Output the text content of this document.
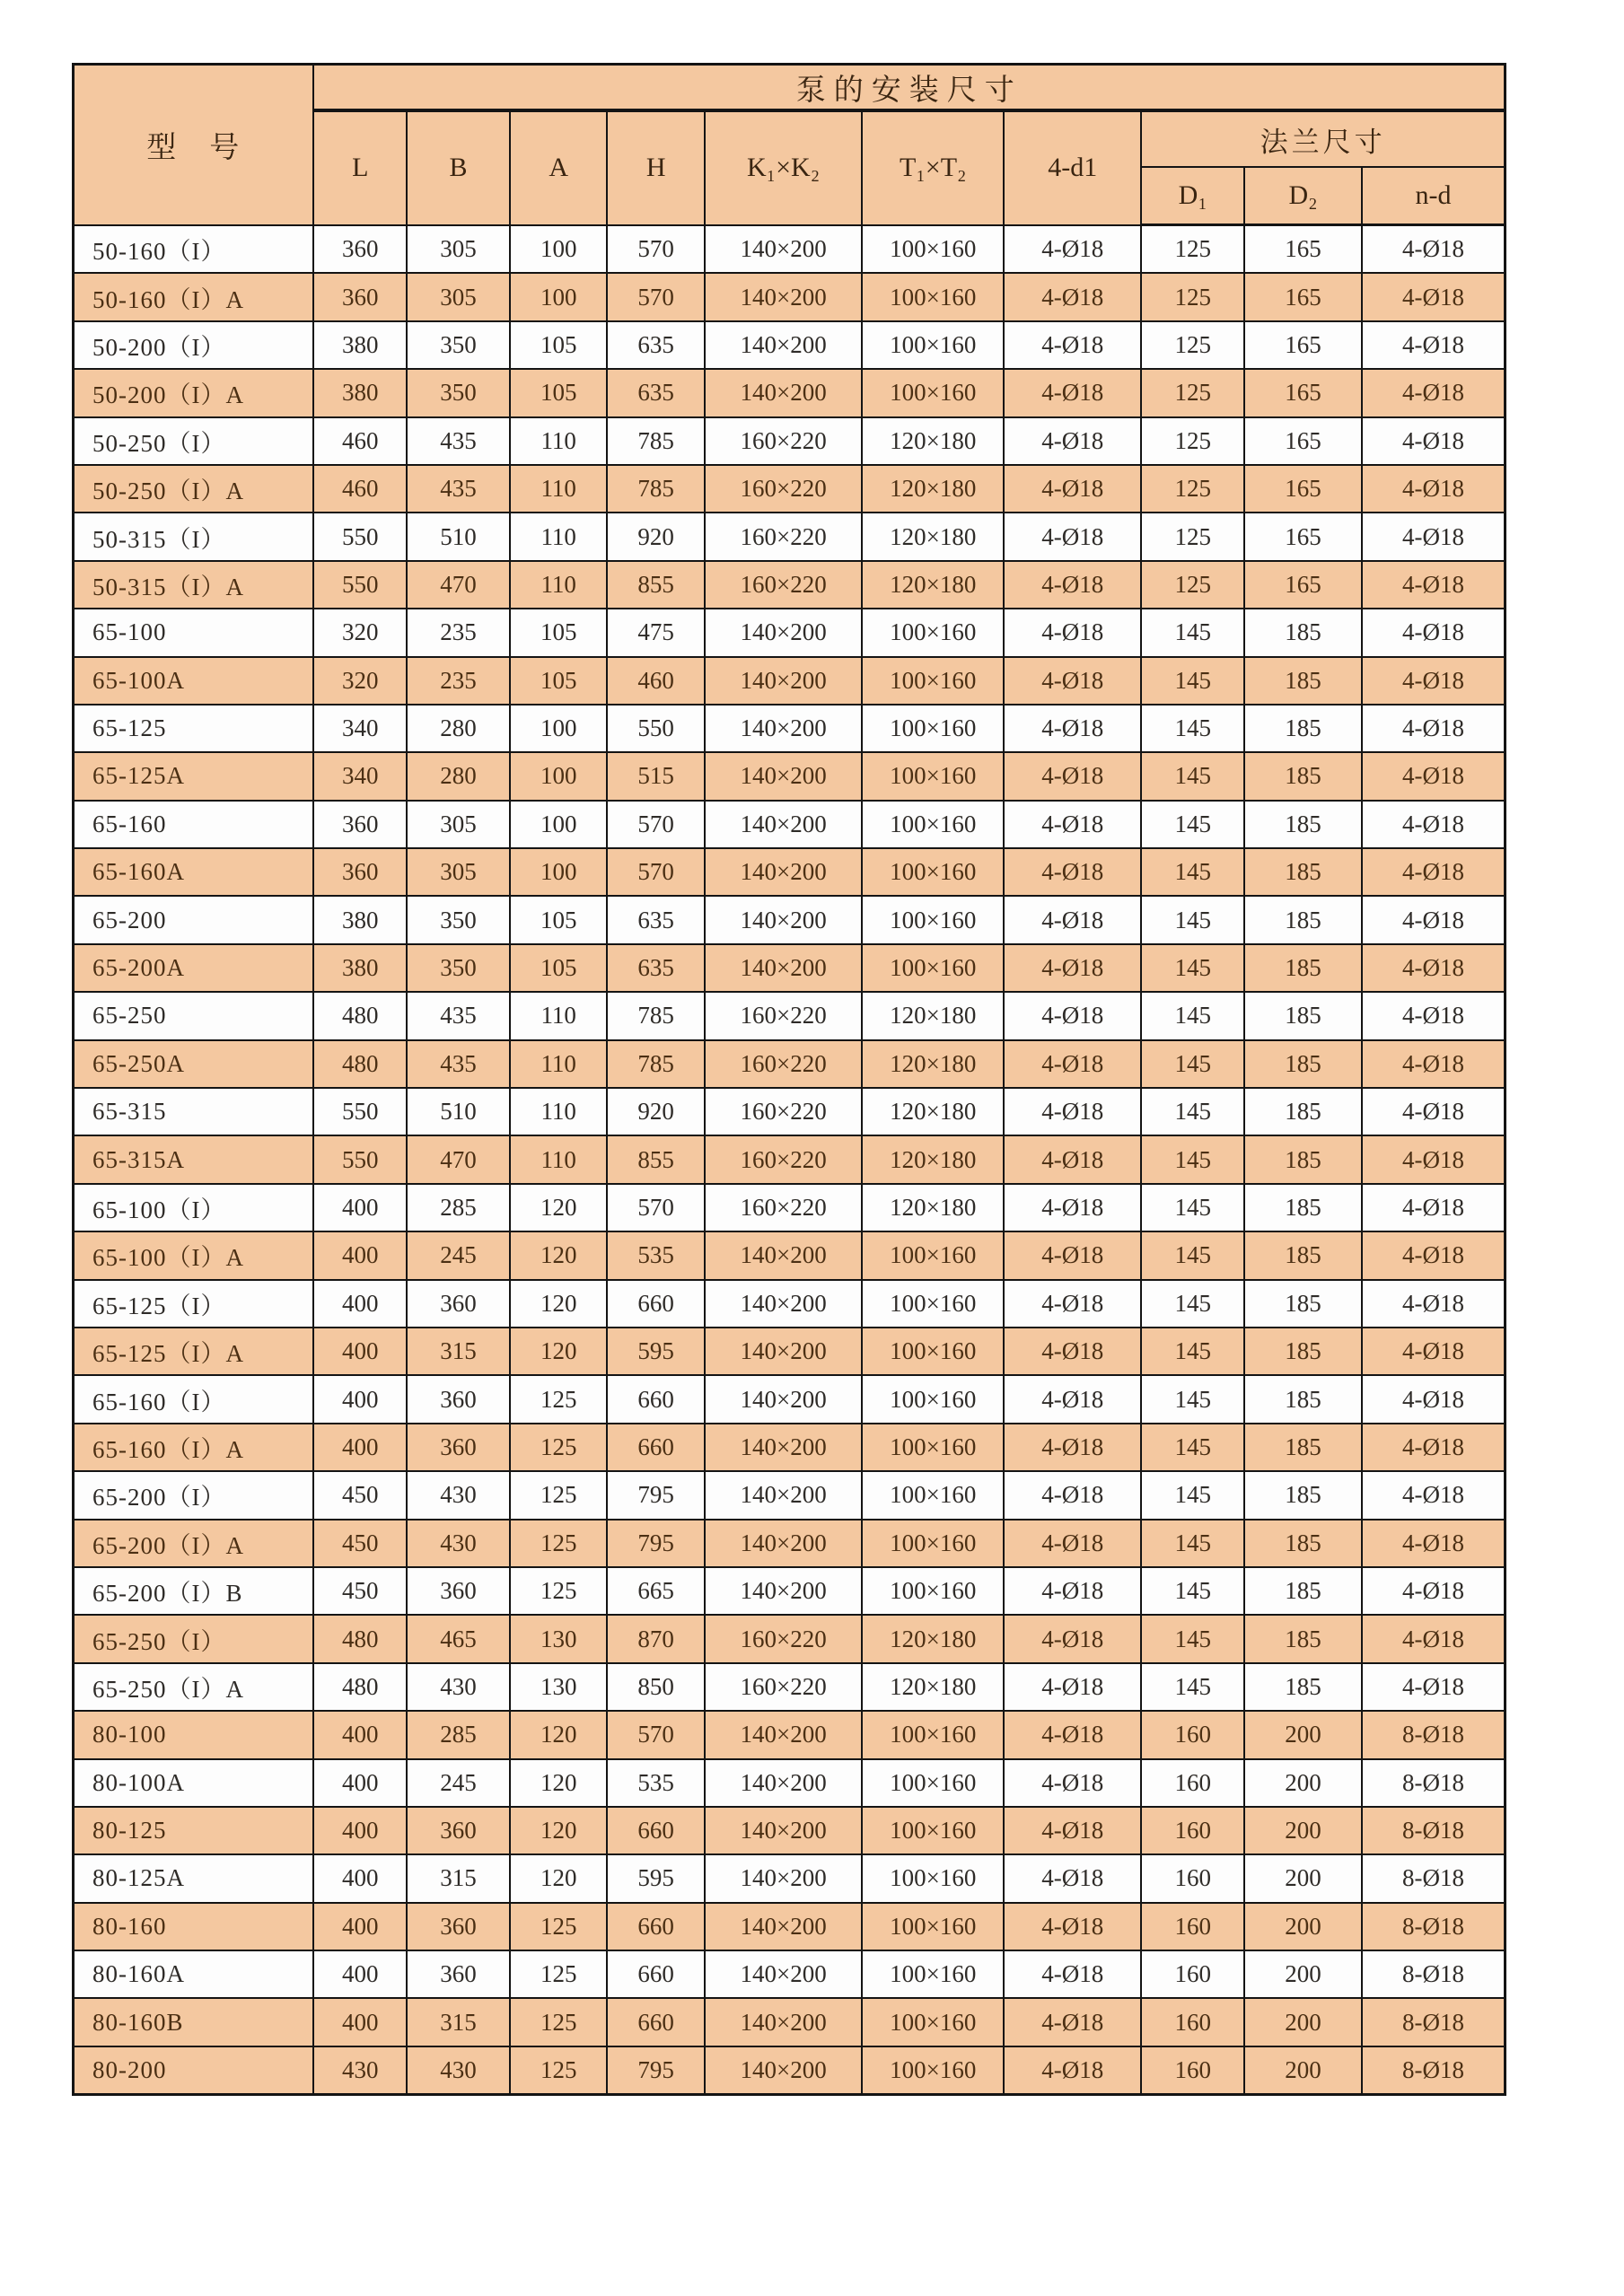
型　号	泵的安装尺寸									
	L	B	A	H	K₁×K₂	T₁×T₂	4-d1	法兰尺寸		
								D₁	D₂	n-d
50-160（I）	360	305	100	570	140×200	100×160	4-Ø18	125	165	4-Ø18
50-160（I）A	360	305	100	570	140×200	100×160	4-Ø18	125	165	4-Ø18
50-200（I）	380	350	105	635	140×200	100×160	4-Ø18	125	165	4-Ø18
50-200（I）A	380	350	105	635	140×200	100×160	4-Ø18	125	165	4-Ø18
50-250（I）	460	435	110	785	160×220	120×180	4-Ø18	125	165	4-Ø18
50-250（I）A	460	435	110	785	160×220	120×180	4-Ø18	125	165	4-Ø18
50-315（I）	550	510	110	920	160×220	120×180	4-Ø18	125	165	4-Ø18
50-315（I）A	550	470	110	855	160×220	120×180	4-Ø18	125	165	4-Ø18
65-100	320	235	105	475	140×200	100×160	4-Ø18	145	185	4-Ø18
65-100A	320	235	105	460	140×200	100×160	4-Ø18	145	185	4-Ø18
65-125	340	280	100	550	140×200	100×160	4-Ø18	145	185	4-Ø18
65-125A	340	280	100	515	140×200	100×160	4-Ø18	145	185	4-Ø18
65-160	360	305	100	570	140×200	100×160	4-Ø18	145	185	4-Ø18
65-160A	360	305	100	570	140×200	100×160	4-Ø18	145	185	4-Ø18
65-200	380	350	105	635	140×200	100×160	4-Ø18	145	185	4-Ø18
65-200A	380	350	105	635	140×200	100×160	4-Ø18	145	185	4-Ø18
65-250	480	435	110	785	160×220	120×180	4-Ø18	145	185	4-Ø18
65-250A	480	435	110	785	160×220	120×180	4-Ø18	145	185	4-Ø18
65-315	550	510	110	920	160×220	120×180	4-Ø18	145	185	4-Ø18
65-315A	550	470	110	855	160×220	120×180	4-Ø18	145	185	4-Ø18
65-100（I）	400	285	120	570	160×220	120×180	4-Ø18	145	185	4-Ø18
65-100（I）A	400	245	120	535	140×200	100×160	4-Ø18	145	185	4-Ø18
65-125（I）	400	360	120	660	140×200	100×160	4-Ø18	145	185	4-Ø18
65-125（I）A	400	315	120	595	140×200	100×160	4-Ø18	145	185	4-Ø18
65-160（I）	400	360	125	660	140×200	100×160	4-Ø18	145	185	4-Ø18
65-160（I）A	400	360	125	660	140×200	100×160	4-Ø18	145	185	4-Ø18
65-200（I）	450	430	125	795	140×200	100×160	4-Ø18	145	185	4-Ø18
65-200（I）A	450	430	125	795	140×200	100×160	4-Ø18	145	185	4-Ø18
65-200（I）B	450	360	125	665	140×200	100×160	4-Ø18	145	185	4-Ø18
65-250（I）	480	465	130	870	160×220	120×180	4-Ø18	145	185	4-Ø18
65-250（I）A	480	430	130	850	160×220	120×180	4-Ø18	145	185	4-Ø18
80-100	400	285	120	570	140×200	100×160	4-Ø18	160	200	8-Ø18
80-100A	400	245	120	535	140×200	100×160	4-Ø18	160	200	8-Ø18
80-125	400	360	120	660	140×200	100×160	4-Ø18	160	200	8-Ø18
80-125A	400	315	120	595	140×200	100×160	4-Ø18	160	200	8-Ø18
80-160	400	360	125	660	140×200	100×160	4-Ø18	160	200	8-Ø18
80-160A	400	360	125	660	140×200	100×160	4-Ø18	160	200	8-Ø18
80-160B	400	315	125	660	140×200	100×160	4-Ø18	160	200	8-Ø18
80-200	430	430	125	795	140×200	100×160	4-Ø18	160	200	8-Ø18
